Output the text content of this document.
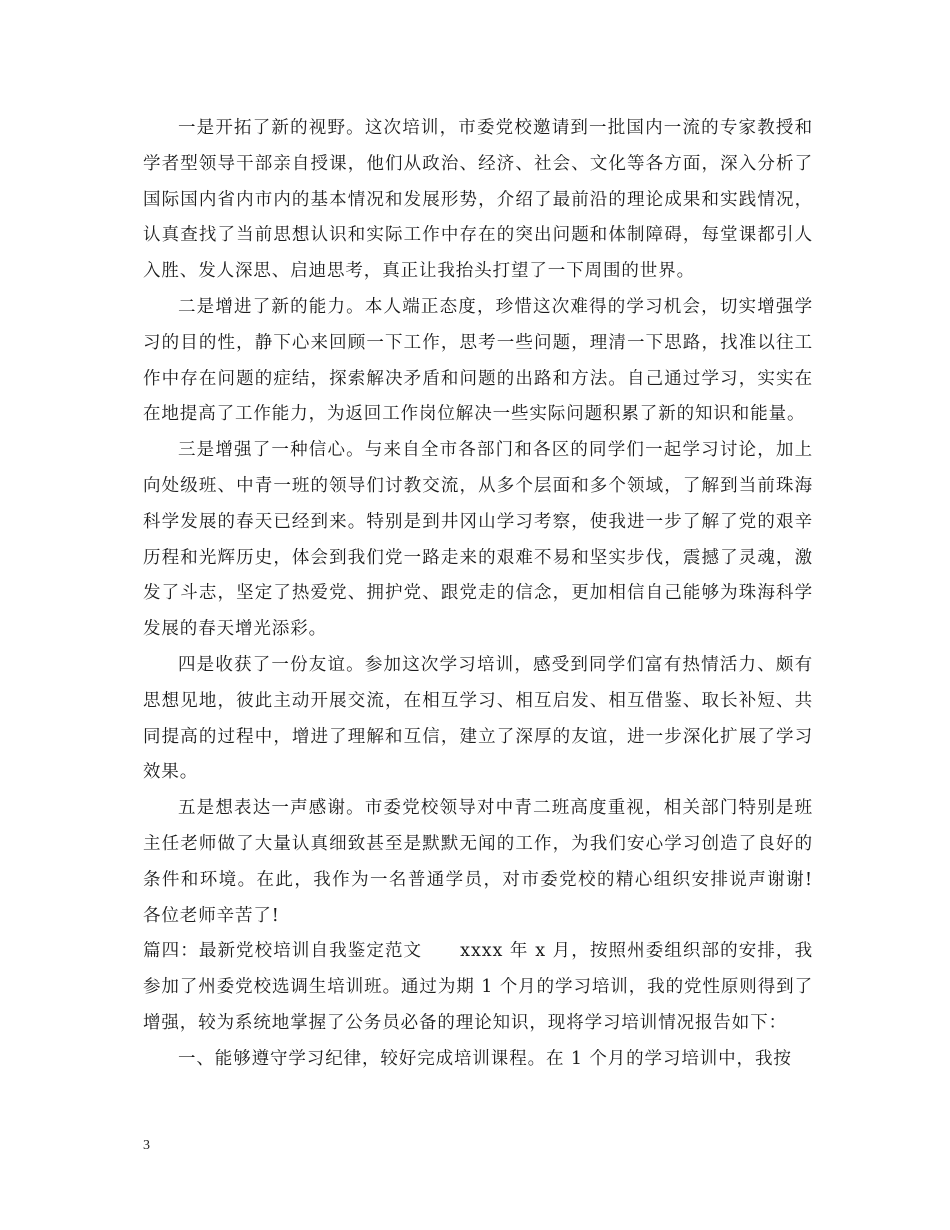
一是开拓了新的视野。这次培训，市委党校邀请到一批国内一流的专家教授和学者型领导干部亲自授课，他们从政治、经济、社会、文化等各方面，深入分析了国际国内省内市内的基本情况和发展形势，介绍了最前沿的理论成果和实践情况，认真查找了当前思想认识和实际工作中存在的突出问题和体制障碍，每堂课都引人入胜、发人深思、启迪思考，真正让我抬头打望了一下周围的世界。

二是增进了新的能力。本人端正态度，珍惜这次难得的学习机会，切实增强学习的目的性，静下心来回顾一下工作，思考一些问题，理清一下思路，找准以往工作中存在问题的症结，探索解决矛盾和问题的出路和方法。自己通过学习，实实在在地提高了工作能力，为返回工作岗位解决一些实际问题积累了新的知识和能量。

三是增强了一种信心。与来自全市各部门和各区的同学们一起学习讨论，加上向处级班、中青一班的领导们讨教交流，从多个层面和多个领域，了解到当前珠海科学发展的春天已经到来。特别是到井冈山学习考察，使我进一步了解了党的艰辛历程和光辉历史，体会到我们党一路走来的艰难不易和坚实步伐，震撼了灵魂，激发了斗志，坚定了热爱党、拥护党、跟党走的信念，更加相信自己能够为珠海科学发展的春天增光添彩。

四是收获了一份友谊。参加这次学习培训，感受到同学们富有热情活力、颇有思想见地，彼此主动开展交流，在相互学习、相互启发、相互借鉴、取长补短、共同提高的过程中，增进了理解和互信，建立了深厚的友谊，进一步深化扩展了学习效果。

五是想表达一声感谢。市委党校领导对中青二班高度重视，相关部门特别是班主任老师做了大量认真细致甚至是默默无闻的工作，为我们安心学习创造了良好的条件和环境。在此，我作为一名普通学员，对市委党校的精心组织安排说声谢谢!各位老师辛苦了!

篇四：最新党校培训自我鉴定范文 xxxx 年 x 月，按照州委组织部的安排，我参加了州委党校选调生培训班。通过为期 1 个月的学习培训，我的党性原则得到了增强，较为系统地掌握了公务员必备的理论知识，现将学习培训情况报告如下：

一、能够遵守学习纪律，较好完成培训课程。在 1 个月的学习培训中，我按

3
